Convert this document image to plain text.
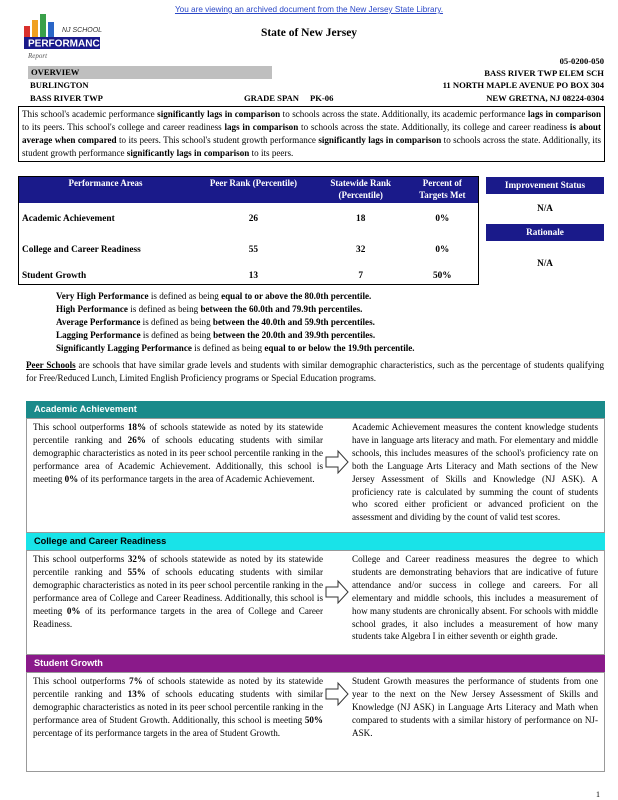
You are viewing an archived document from the New Jersey State Library.
NJ SCHOOL
PERFORMANCE
Report
State of New Jersey
05-0200-050
OVERVIEW	BASS RIVER TWP ELEM SCH
BURLINGTON	11 NORTH MAPLE AVENUE PO BOX 304
BASS RIVER TWP	GRADE SPAN PK-06	NEW GRETNA, NJ 08224-0304
This school's academic performance significantly lags in comparison to schools across the state. Additionally, its academic performance lags in comparison to its peers. This school's college and career readiness lags in comparison to schools across the state. Additionally, its college and career readiness is about average when compared to its peers. This school's student growth performance significantly lags in comparison to schools across the state. Additionally, its student growth performance significantly lags in comparison to its peers.
Performance Areas	Peer Rank (Percentile)	Statewide Rank (Percentile)	Percent of Targets Met
Academic Achievement	26	18	0%
College and Career Readiness	55	32	0%
Student Growth	13	7	50%
Improvement Status
N/A
Rationale
N/A
Very High Performance is defined as being equal to or above the 80.0th percentile.
High Performance is defined as being between the 60.0th and 79.9th percentiles.
Average Performance is defined as being between the 40.0th and 59.9th percentiles.
Lagging Performance is defined as being between the 20.0th and 39.9th percentiles.
Significantly Lagging Performance is defined as being equal to or below the 19.9th percentile.
Peer Schools are schools that have similar grade levels and students with similar demographic characteristics, such as the percentage of students qualifying for Free/Reduced Lunch, Limited English Proficiency programs or Special Education programs.
Academic Achievement
This school outperforms 18% of schools statewide as noted by its statewide percentile ranking and 26% of schools educating students with similar demographic characteristics as noted in its peer school percentile ranking in the performance area of Academic Achievement. Additionally, this school is meeting 0% of its performance targets in the area of Academic Achievement.
Academic Achievement measures the content knowledge students have in language arts literacy and math. For elementary and middle schools, this includes measures of the school's proficiency rate on both the Language Arts Literacy and Math sections of the New Jersey Assessment of Skills and Knowledge (NJ ASK). A proficiency rate is calculated by summing the count of students who scored either proficient or advanced proficient on the assessment and dividing by the count of valid test scores.
College and Career Readiness
This school outperforms 32% of schools statewide as noted by its statewide percentile ranking and 55% of schools educating students with similar demographic characteristics as noted in its peer school percentile ranking in the performance area of College and Career Readiness. Additionally, this school is meeting 0% of its performance targets in the area of College and Career Readiness.
College and Career readiness measures the degree to which students are demonstrating behaviors that are indicative of future attendance and/or success in college and careers. For all elementary and middle schools, this includes a measurement of how many students are chronically absent. For schools with middle school grades, it also includes a measurement of how many students take Algebra I in either seventh or eighth grade.
Student Growth
This school outperforms 7% of schools statewide as noted by its statewide percentile ranking and 13% of schools educating students with similar demographic characteristics as noted in its peer school percentile ranking in the performance area of Student Growth. Additionally, this school is meeting 50% percentage of its performance targets in the area of Student Growth.
Student Growth measures the performance of students from one year to the next on the New Jersey Assessment of Skills and Knowledge (NJ ASK) in Language Arts Literacy and Math when compared to students with a similar history of performance on NJ-ASK.
1
